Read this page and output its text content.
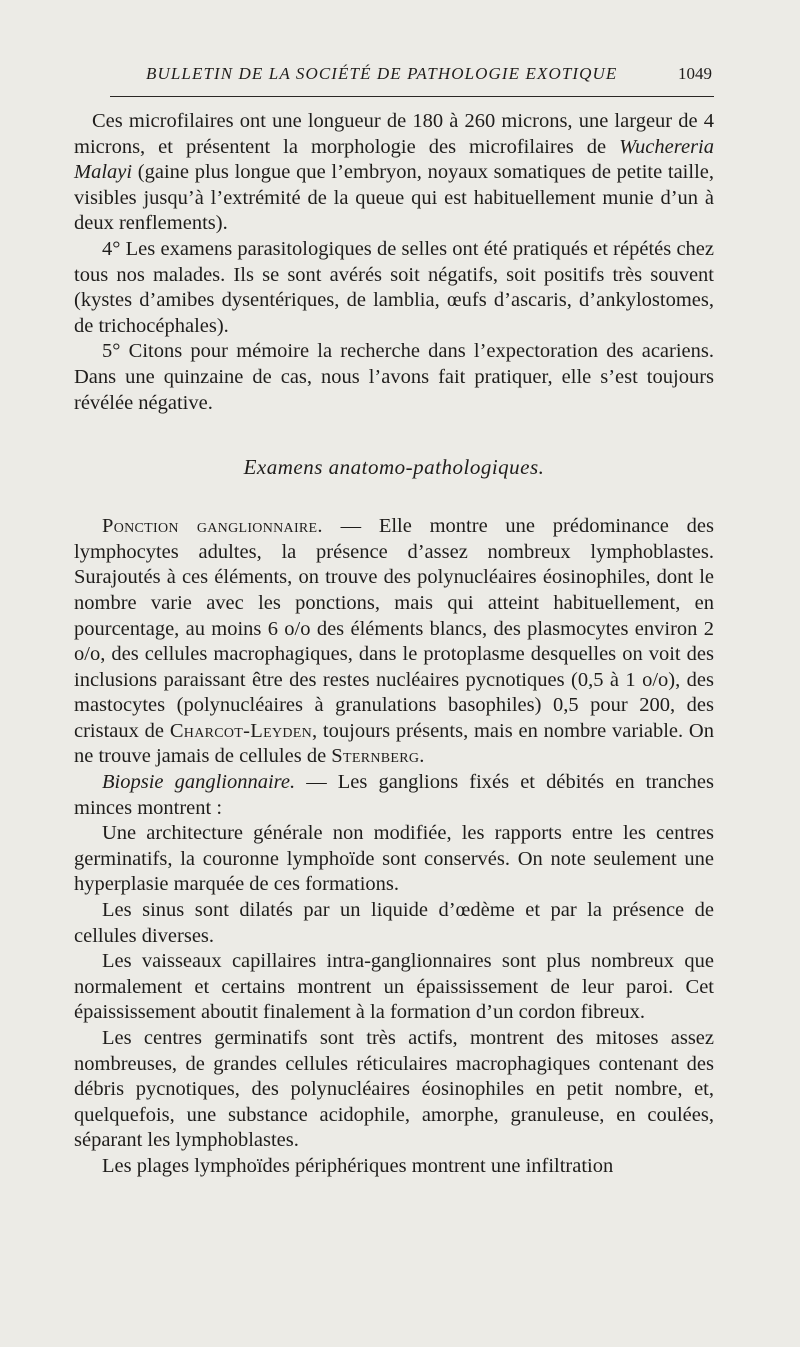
BULLETIN DE LA SOCIÉTÉ DE PATHOLOGIE EXOTIQUE	1049

Ces microfilaires ont une longueur de 180 à 260 microns, une largeur de 4 microns, et présentent la morphologie des microfilaires de Wuchereria Malayi (gaine plus longue que l’embryon, noyaux somatiques de petite taille, visibles jusqu’à l’extrémité de la queue qui est habituellement munie d’un à deux renflements).

4° Les examens parasitologiques de selles ont été pratiqués et répétés chez tous nos malades. Ils se sont avérés soit négatifs, soit positifs très souvent (kystes d’amibes dysentériques, de lamblia, œufs d’ascaris, d’ankylostomes, de trichocéphales).

5° Citons pour mémoire la recherche dans l’expectoration des acariens. Dans une quinzaine de cas, nous l’avons fait pratiquer, elle s’est toujours révélée négative.

Examens anatomo-pathologiques.

Ponction ganglionnaire. — Elle montre une prédominance des lymphocytes adultes, la présence d’assez nombreux lymphoblastes. Surajoutés à ces éléments, on trouve des polynucléaires éosinophiles, dont le nombre varie avec les ponctions, mais qui atteint habituellement, en pourcentage, au moins 6 o/o des éléments blancs, des plasmocytes environ 2 o/o, des cellules macrophagiques, dans le protoplasme desquelles on voit des inclusions paraissant être des restes nucléaires pycnotiques (0,5 à 1 o/o), des mastocytes (polynucléaires à granulations basophiles) 0,5 pour 200, des cristaux de Charcot-Leyden, toujours présents, mais en nombre variable. On ne trouve jamais de cellules de Sternberg.

Biopsie ganglionnaire. — Les ganglions fixés et débités en tranches minces montrent :

Une architecture générale non modifiée, les rapports entre les centres germinatifs, la couronne lymphoïde sont conservés. On note seulement une hyperplasie marquée de ces formations.

Les sinus sont dilatés par un liquide d’œdème et par la présence de cellules diverses.

Les vaisseaux capillaires intra-ganglionnaires sont plus nombreux que normalement et certains montrent un épaississement de leur paroi. Cet épaississement aboutit finalement à la formation d’un cordon fibreux.

Les centres germinatifs sont très actifs, montrent des mitoses assez nombreuses, de grandes cellules réticulaires macrophagiques contenant des débris pycnotiques, des polynucléaires éosinophiles en petit nombre, et, quelquefois, une substance acidophile, amorphe, granuleuse, en coulées, séparant les lymphoblastes.

Les plages lymphoïdes périphériques montrent une infiltration
